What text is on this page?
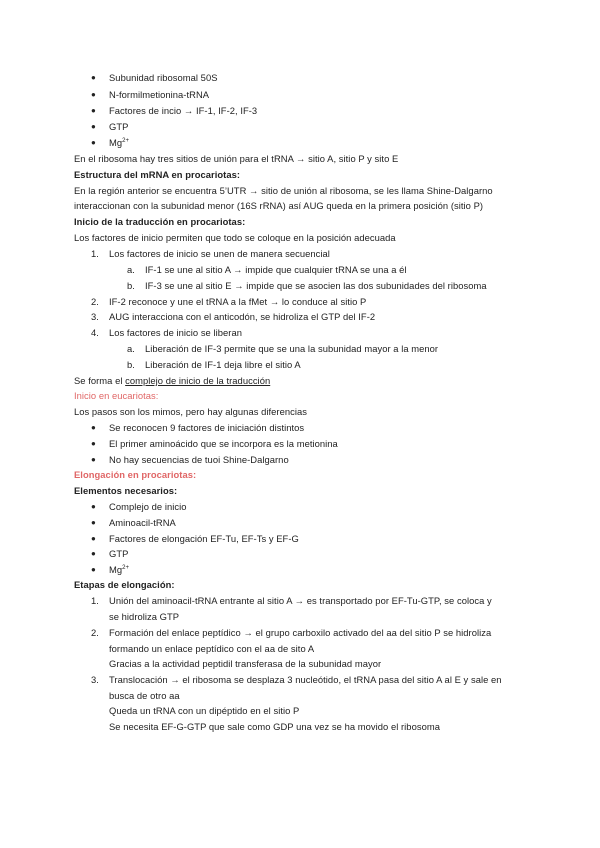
● Subunidad ribosomal 50S
● N-formilmetionina-tRNA
● Factores de incio → IF-1, IF-2, IF-3
● GTP
● $Mg^{2+}$
En el ribosoma hay tres sitios de unión para el tRNA → sitio A, sitio P y sito E
Estructura del mRNA en procariotas:
En la región anterior se encuentra 5’UTR → sitio de unión al ribosoma, se les llama Shine-Dalgarno
interaccionan con la subunidad menor (16S rRNA) así AUG queda en la primera posición (sitio P)
Inicio de la traducción en procariotas:
Los factores de inicio permiten que todo se coloque en la posición adecuada
1. Los factores de inicio se unen de manera secuencial
a. IF-1 se une al sitio A → impide que cualquier tRNA se una a él
b. IF-3 se une al sitio E → impide que se asocien las dos subunidades del ribosoma
2. IF-2 reconoce y une el tRNA a la fMet → lo conduce al sitio P
3. AUG interacciona con el anticodón, se hidroliza el GTP del IF-2
4. Los factores de inicio se liberan
a. Liberación de IF-3 permite que se una la subunidad mayor a la menor
b. Liberación de IF-1 deja libre el sitio A
Se forma el complejo de inicio de la traducción
Inicio en eucariotas:
Los pasos son los mimos, pero hay algunas diferencias
● Se reconocen 9 factores de iniciación distintos
● El primer aminoácido que se incorpora es la metionina
● No hay secuencias de tuoi Shine-Dalgarno
Elongación en procariotas:
Elementos necesarios:
● Complejo de inicio
● Aminoacil-tRNA
● Factores de elongación EF-Tu, EF-Ts y EF-G
● GTP
● $Mg^{2+}$
Etapas de elongación:
1. Unión del aminoacil-tRNA entrante al sitio A → es transportado por EF-Tu-GTP, se coloca y
se hidroliza GTP
2. Formación del enlace peptídico → el grupo carboxilo activado del aa del sitio P se hidroliza
formando un enlace peptídico con el aa de sito A
Gracias a la actividad peptidil transferasa de la subunidad mayor
3. Translocación → el ribosoma se desplaza 3 nucleótido, el tRNA pasa del sitio A al E y sale en
busca de otro aa
Queda un tRNA con un dipéptido en el sitio P
Se necesita EF-G-GTP que sale como GDP una vez se ha movido el ribosoma
